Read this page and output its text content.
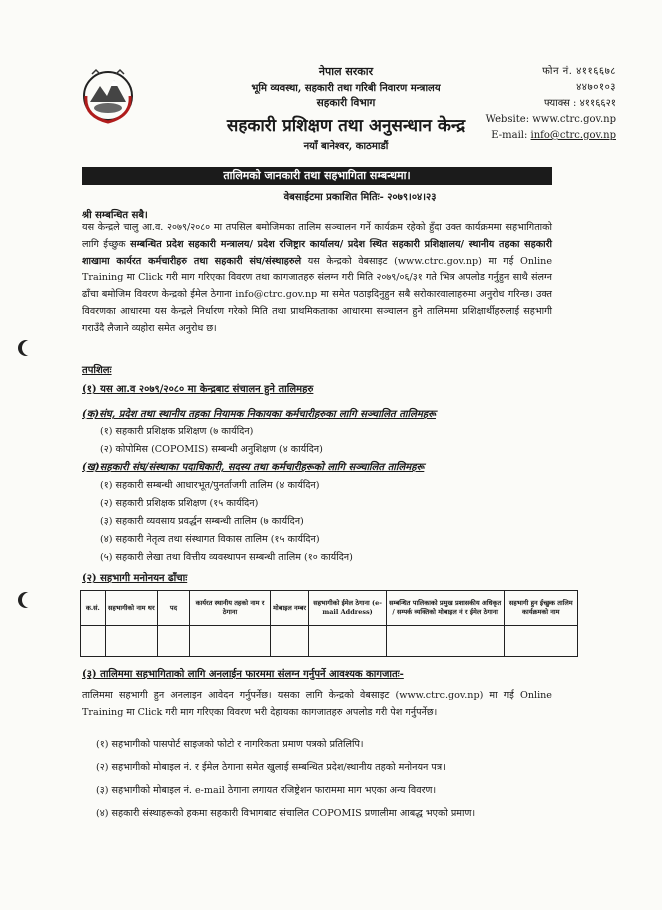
नेपाल सरकार
भूमि व्यवस्था, सहकारी तथा गरिबी निवारण मन्त्रालय
सहकारी विभाग
सहकारी प्रशिक्षण तथा अनुसन्धान केन्द्र
नयाँ बानेश्वर, काठमाडौं
फोन नं. ४११६६७८
४४७०१०३
फ्याक्स : ४११६६२१
Website: www.ctrc.gov.np
E-mail: info@ctrc.gov.np
तालिमको जानकारी तथा सहभागिता सम्बन्धमा।
वेबसाईटमा प्रकाशित मितिः- २०७९।०४।२३
श्री सम्बन्धित सबै।
यस केन्द्रले चालु आ.व. २०७९/२०८० मा तपसिल बमोजिमका तालिम सञ्चालन गर्ने कार्यक्रम रहेको हुँदा उक्त कार्यक्रममा सहभागिताको लागि ईच्छुक सम्बन्धित प्रदेश सहकारी मन्त्रालय/ प्रदेश रजिष्ट्रार कार्यालय/ प्रदेश स्थित सहकारी प्रशिक्षालय/ स्थानीय तहका सहकारी शाखामा कार्यरत कर्मचारीहरु तथा सहकारी संघ/संस्थाहरुले यस केन्द्रको वेबसाइट (www.ctrc.gov.np) मा गई Online Training मा Click गरी माग गरिएका विवरण तथा कागजातहरु संलग्न गरी मिति २०७९/०६/३१ गते भित्र अपलोड गर्नुहुन साथै संलग्न ढाँचा बमोजिम विवरण केन्द्रको ईमेल ठेगाना info@ctrc.gov.np मा समेत पठाइदिनुहुन सबै सरोकारवालाहरुमा अनुरोध गरिन्छ। उक्त विवरणका आधारमा यस केन्द्रले निर्धारण गरेको मिति तथा प्राथमिकताका आधारमा सञ्चालन हुने तालिममा प्रशिक्षार्थीहरुलाई सहभागी गराउँदै लैजाने व्यहोरा समेत अनुरोध छ।
तपशिलः
(१) यस आ.व २०७९/२०८० मा केन्द्रबाट संचालन हुने तालिमहरु
(क)संघ, प्रदेश तथा स्थानीय तहका नियामक निकायका कर्मचारीहरुका लागि सञ्चालित तालिमहरू
(१) सहकारी प्रशिक्षक प्रशिक्षण (७ कार्यदिन)
(२) कोपोमिस (COPOMIS) सम्बन्धी अनुशिक्षण (४ कार्यदिन)
(ख)सहकारी संघ/संस्थाका पदाधिकारी, सदस्य तथा कर्मचारीहरूको लागि सञ्चालित तालिमहरू
(१) सहकारी सम्बन्धी आधारभूत/पुनर्ताजगी तालिम (४ कार्यदिन)
(२) सहकारी प्रशिक्षक प्रशिक्षण (१५ कार्यदिन)
(३) सहकारी व्यवसाय प्रवर्द्धन सम्बन्धी तालिम (७ कार्यदिन)
(४) सहकारी नेतृत्व तथा संस्थागत विकास तालिम (१५ कार्यदिन)
(५) सहकारी लेखा तथा वित्तीय व्यवस्थापन सम्बन्धी तालिम (१० कार्यदिन)
(२) सहभागी मनोनयन ढाँचाः
क.सं.	सहभागीको नाम थर	पद	कार्यरत स्थानीय तहको नाम र ठेगाना	मोबाइल नम्बर	सहभागीको ईमेल ठेगाना (e-mail Address)	सम्बन्धित पालिकाको प्रमुख प्रशासकीय अधिकृत / सम्पर्क व्यक्तिको मोबाइल नं र ईमेल ठेगाना	सहभागी हुन ईच्छुक तालिम कार्यक्रमको नाम

(३) तालिममा सहभागिताको लागि अनलाईन फारममा संलग्न गर्नुपर्ने आवश्यक कागजातः-
तालिममा सहभागी हुन अनलाइन आवेदन गर्नुपर्नेछ। यसका लागि केन्द्रको वेबसाइट (www.ctrc.gov.np) मा गई Online Training मा Click गरी माग गरिएका विवरण भरी देहायका कागजातहरु अपलोड गरी पेश गर्नुपर्नेछ।
(१) सहभागीको पासपोर्ट साइजको फोटो र नागरिकता प्रमाण पत्रको प्रतिलिपि।
(२) सहभागीको मोबाइल नं. र ईमेल ठेगाना समेत खुलाई सम्बन्धित प्रदेश/स्थानीय तहको मनोनयन पत्र।
(३) सहभागीको मोबाइल नं. e-mail ठेगाना लगायत रजिष्ट्रेशन फाराममा माग भएका अन्य विवरण।
(४) सहकारी संस्थाहरूको हकमा सहकारी विभागबाट संचालित COPOMIS प्रणालीमा आबद्ध भएको प्रमाण।
